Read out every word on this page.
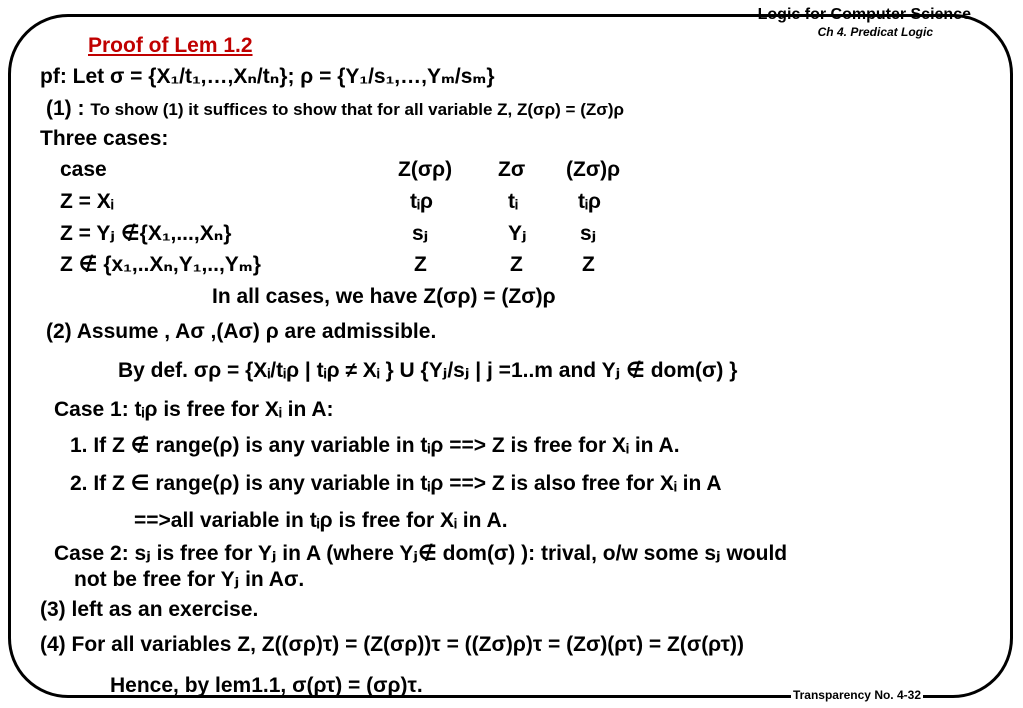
Logic for Computer Science
Ch 4. Predicat Logic
Proof of Lem 1.2
pf: Let σ = {X₁/t₁,…,Xₙ/tₙ}; ρ = {Y₁/s₁,…,Yₘ/sₘ}
(1) : To show (1) it suffices to show that for all variable Z, Z(σρ) = (Zσ)ρ
Three cases:
case	Z(σρ) Zσ (Zσ)ρ
Z = Xᵢ	tᵢρ	tᵢ	tᵢρ
Z = Yⱼ ∉{X₁,...,Xₙ}	sⱼ	Yⱼ	sⱼ
Z ∉ {x₁,..Xₙ,Y₁,..,Yₘ}	Z	Z	Z
In all cases, we have Z(σρ) = (Zσ)ρ
(2) Assume , Aσ ,(Aσ) ρ are admissible.
By def. σρ = {Xᵢ/tᵢρ | tᵢρ ≠ Xᵢ } U {Yⱼ/sⱼ | j =1..m and Yⱼ ∉ dom(σ) }
Case 1: tᵢρ is free for Xᵢ in A:
1. If Z ∉ range(ρ) is any variable in tᵢρ ==> Z is free for Xᵢ in A.
2. If Z ∈ range(ρ) is any variable in tᵢρ ==> Z is also free for Xᵢ in A
==>all variable in tᵢρ is free for Xᵢ in A.
Case 2: sⱼ is free for Yⱼ in A (where Yⱼ∉ dom(σ) ): trival, o/w some sⱼ would
not be free for Yⱼ in Aσ.
(3) left as an exercise.
(4) For all variables Z, Z((σρ)τ) = (Z(σρ))τ = ((Zσ)ρ)τ = (Zσ)(ρτ) = Z(σ(ρτ))
Hence, by lem1.1, σ(ρτ) = (σρ)τ.	Transparency No. 4-32
